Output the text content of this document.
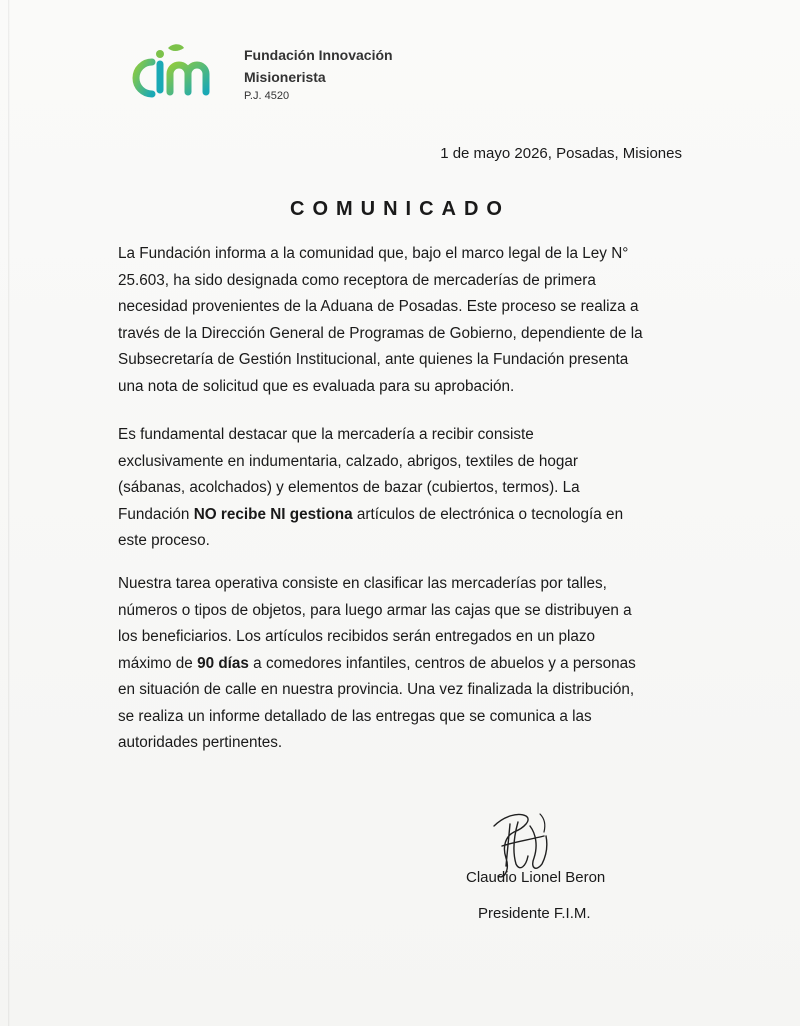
Fundación Innovación
Misionerista
P.J. 4520
1 de mayo 2026, Posadas, Misiones
COMUNICADO
La Fundación informa a la comunidad que, bajo el marco legal de la Ley N°
25.603, ha sido designada como receptora de mercaderías de primera
necesidad provenientes de la Aduana de Posadas. Este proceso se realiza a
través de la Dirección General de Programas de Gobierno, dependiente de la
Subsecretaría de Gestión Institucional, ante quienes la Fundación presenta
una nota de solicitud que es evaluada para su aprobación.
Es fundamental destacar que la mercadería a recibir consiste
exclusivamente en indumentaria, calzado, abrigos, textiles de hogar
(sábanas, acolchados) y elementos de bazar (cubiertos, termos). La
Fundación NO recibe NI gestiona artículos de electrónica o tecnología en
este proceso.
Nuestra tarea operativa consiste en clasificar las mercaderías por talles,
números o tipos de objetos, para luego armar las cajas que se distribuyen a
los beneficiarios. Los artículos recibidos serán entregados en un plazo
máximo de 90 días a comedores infantiles, centros de abuelos y a personas
en situación de calle en nuestra provincia. Una vez finalizada la distribución,
se realiza un informe detallado de las entregas que se comunica a las
autoridades pertinentes.
Claudio Lionel Beron
Presidente F.I.M.
